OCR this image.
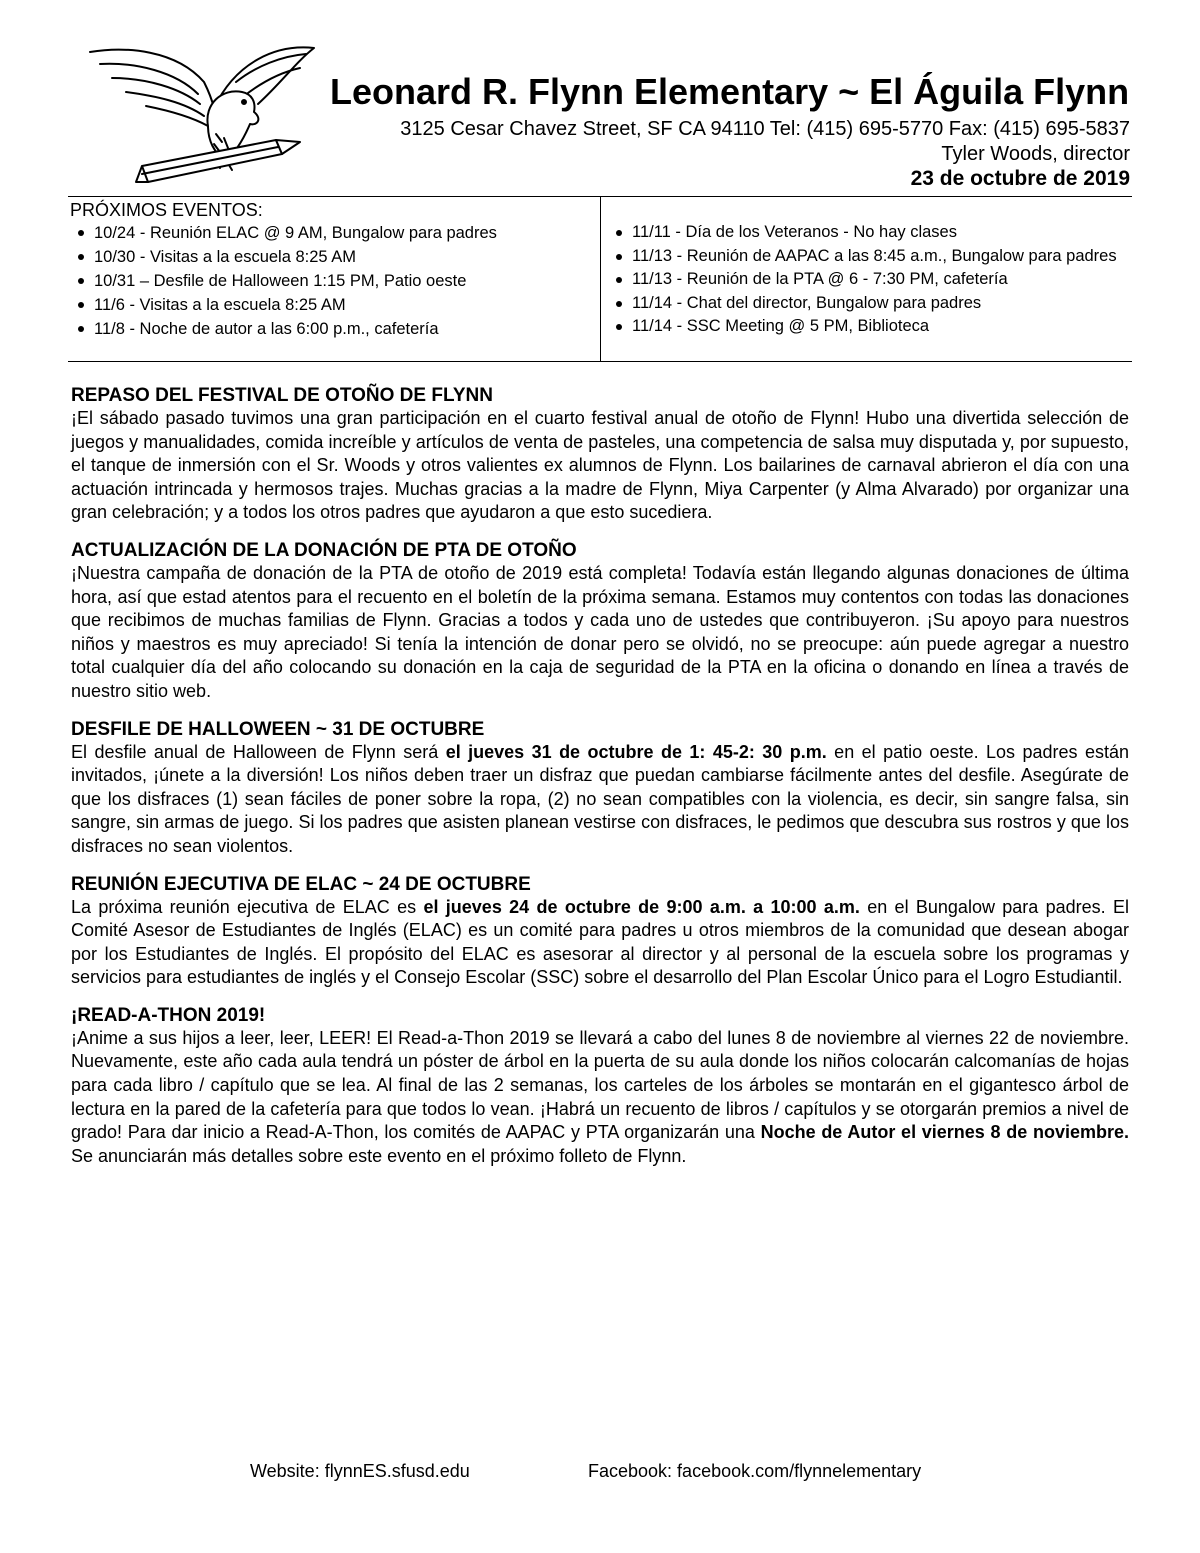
Leonard R. Flynn Elementary ~ El Águila Flynn
3125 Cesar Chavez Street, SF CA 94110 Tel: (415) 695-5770 Fax: (415) 695-5837
Tyler Woods, director
23 de octubre de 2019
PRÓXIMOS EVENTOS:
10/24 - Reunión ELAC @ 9 AM, Bungalow para padres
10/30 - Visitas a la escuela 8:25 AM
10/31 – Desfile de Halloween 1:15 PM, Patio oeste
11/6 - Visitas a la escuela 8:25 AM
11/8 - Noche de autor a las 6:00 p.m., cafetería
11/11 - Día de los Veteranos - No hay clases
11/13 - Reunión de AAPAC a las 8:45 a.m., Bungalow para padres
11/13 - Reunión de la PTA @ 6 - 7:30 PM, cafetería
11/14 - Chat del director, Bungalow para padres
11/14 - SSC Meeting @ 5 PM, Biblioteca
REPASO DEL FESTIVAL DE OTOÑO DE FLYNN

¡El sábado pasado tuvimos una gran participación en el cuarto festival anual de otoño de Flynn! Hubo una divertida selección de juegos y manualidades, comida increíble y artículos de venta de pasteles, una competencia de salsa muy disputada y, por supuesto, el tanque de inmersión con el Sr. Woods y otros valientes ex alumnos de Flynn. Los bailarines de carnaval abrieron el día con una actuación intrincada y hermosos trajes. Muchas gracias a la madre de Flynn, Miya Carpenter (y Alma Alvarado) por organizar una gran celebración; y a todos los otros padres que ayudaron a que esto sucediera.

ACTUALIZACIÓN DE LA DONACIÓN DE PTA DE OTOÑO

¡Nuestra campaña de donación de la PTA de otoño de 2019 está completa! Todavía están llegando algunas donaciones de última hora, así que estad atentos para el recuento en el boletín de la próxima semana. Estamos muy contentos con todas las donaciones que recibimos de muchas familias de Flynn. Gracias a todos y cada uno de ustedes que contribuyeron. ¡Su apoyo para nuestros niños y maestros es muy apreciado! Si tenía la intención de donar pero se olvidó, no se preocupe: aún puede agregar a nuestro total cualquier día del año colocando su donación en la caja de seguridad de la PTA en la oficina o donando en línea a través de nuestro sitio web.

DESFILE DE HALLOWEEN ~ 31 DE OCTUBRE

El desfile anual de Halloween de Flynn será el jueves 31 de octubre de 1: 45-2: 30 p.m. en el patio oeste. Los padres están invitados, ¡únete a la diversión! Los niños deben traer un disfraz que puedan cambiarse fácilmente antes del desfile. Asegúrate de que los disfraces (1) sean fáciles de poner sobre la ropa, (2) no sean compatibles con la violencia, es decir, sin sangre falsa, sin sangre, sin armas de juego. Si los padres que asisten planean vestirse con disfraces, le pedimos que descubra sus rostros y que los disfraces no sean violentos.

REUNIÓN EJECUTIVA DE ELAC ~ 24 DE OCTUBRE

La próxima reunión ejecutiva de ELAC es el jueves 24 de octubre de 9:00 a.m. a 10:00 a.m. en el Bungalow para padres. El Comité Asesor de Estudiantes de Inglés (ELAC) es un comité para padres u otros miembros de la comunidad que desean abogar por los Estudiantes de Inglés. El propósito del ELAC es asesorar al director y al personal de la escuela sobre los programas y servicios para estudiantes de inglés y el Consejo Escolar (SSC) sobre el desarrollo del Plan Escolar Único para el Logro Estudiantil.

¡READ-A-THON 2019!

¡Anime a sus hijos a leer, leer, LEER! El Read-a-Thon 2019 se llevará a cabo del lunes 8 de noviembre al viernes 22 de noviembre. Nuevamente, este año cada aula tendrá un póster de árbol en la puerta de su aula donde los niños colocarán calcomanías de hojas para cada libro / capítulo que se lea. Al final de las 2 semanas, los carteles de los árboles se montarán en el gigantesco árbol de lectura en la pared de la cafetería para que todos lo vean. ¡Habrá un recuento de libros / capítulos y se otorgarán premios a nivel de grado! Para dar inicio a Read-A-Thon, los comités de AAPAC y PTA organizarán una Noche de Autor el viernes 8 de noviembre. Se anunciarán más detalles sobre este evento en el próximo folleto de Flynn.

Website: flynnES.sfusd.edu	Facebook: facebook.com/flynnelementary
